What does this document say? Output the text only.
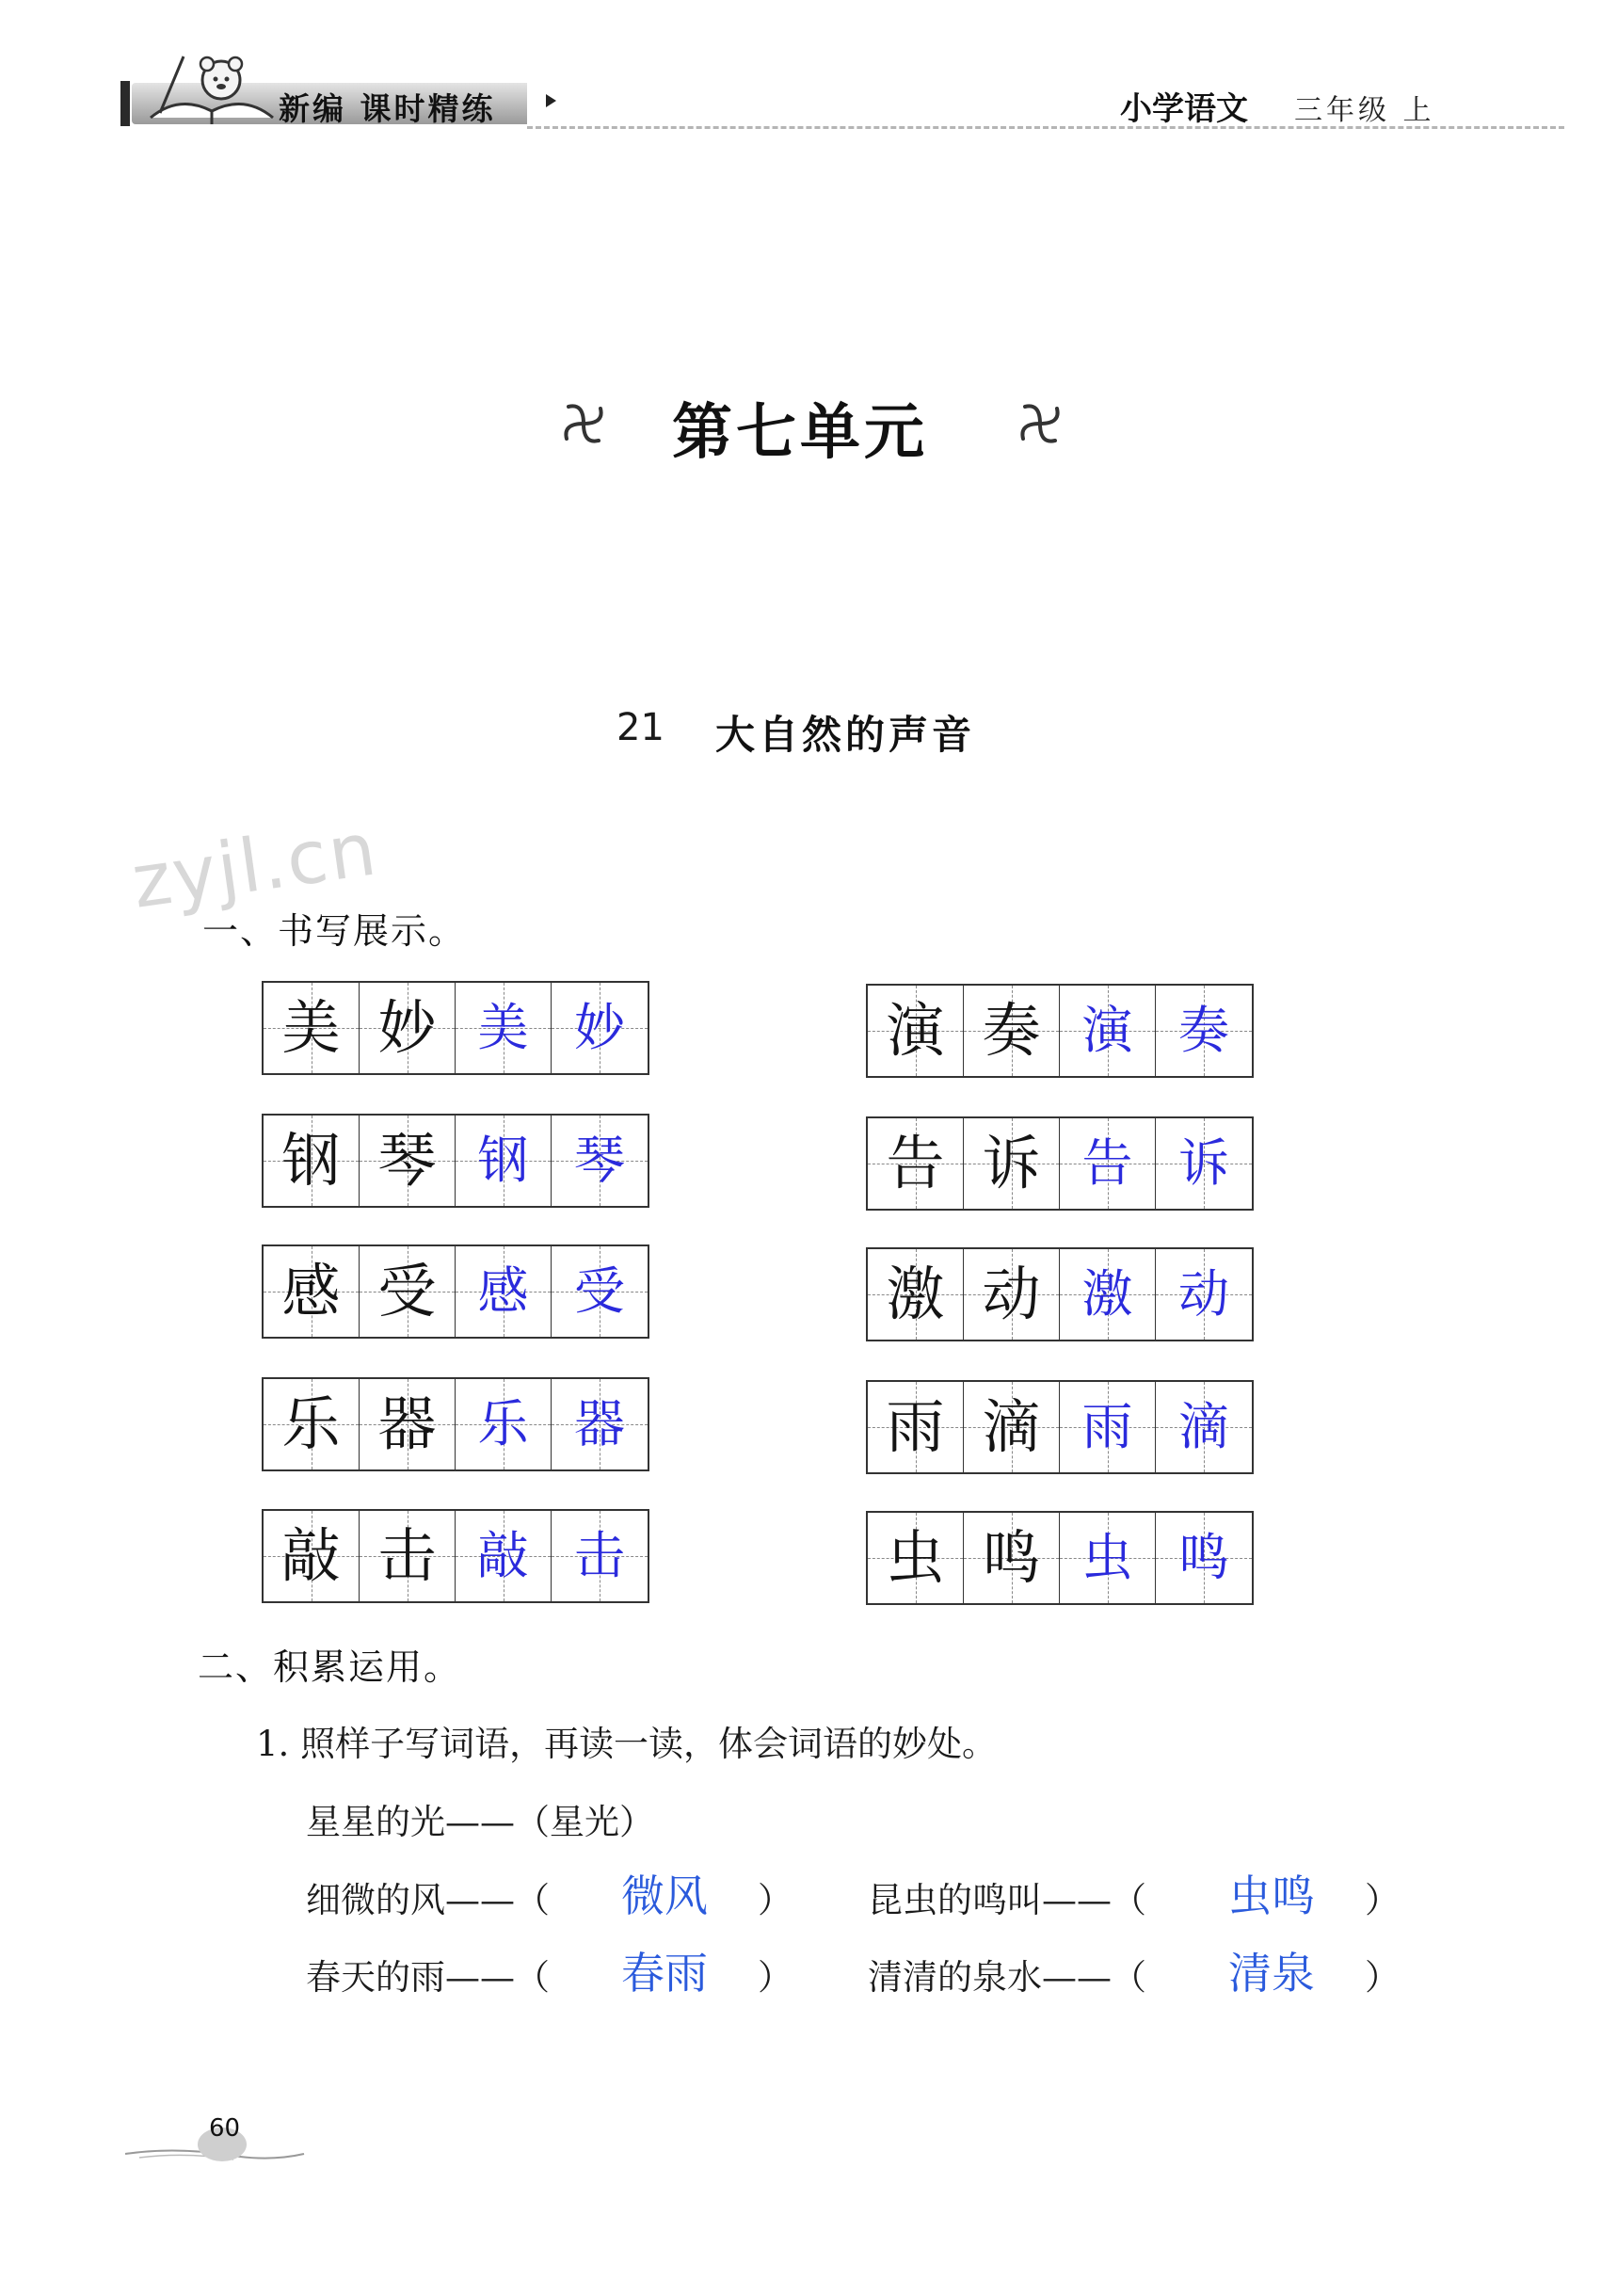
新编 课时精练	小学语文 三年级 上
第七单元
21 大自然的声音
zyjl.cn
一、书写展示。
美 妙 美 妙
钢 琴 钢 琴
感 受 感 受
乐 器 乐 器
敲 击 敲 击
演 奏 演 奏
告 诉 告 诉
激 动 激 动
雨 滴 雨 滴
虫 鸣 虫 鸣
二、积累运用。
1. 照样子写词语，再读一读，体会词语的妙处。
星星的光——（星光）
细微的风——（ 微风 ） 昆虫的鸣叫——（ 虫鸣 ）
春天的雨——（ 春雨 ） 清清的泉水——（ 清泉 ）
60
